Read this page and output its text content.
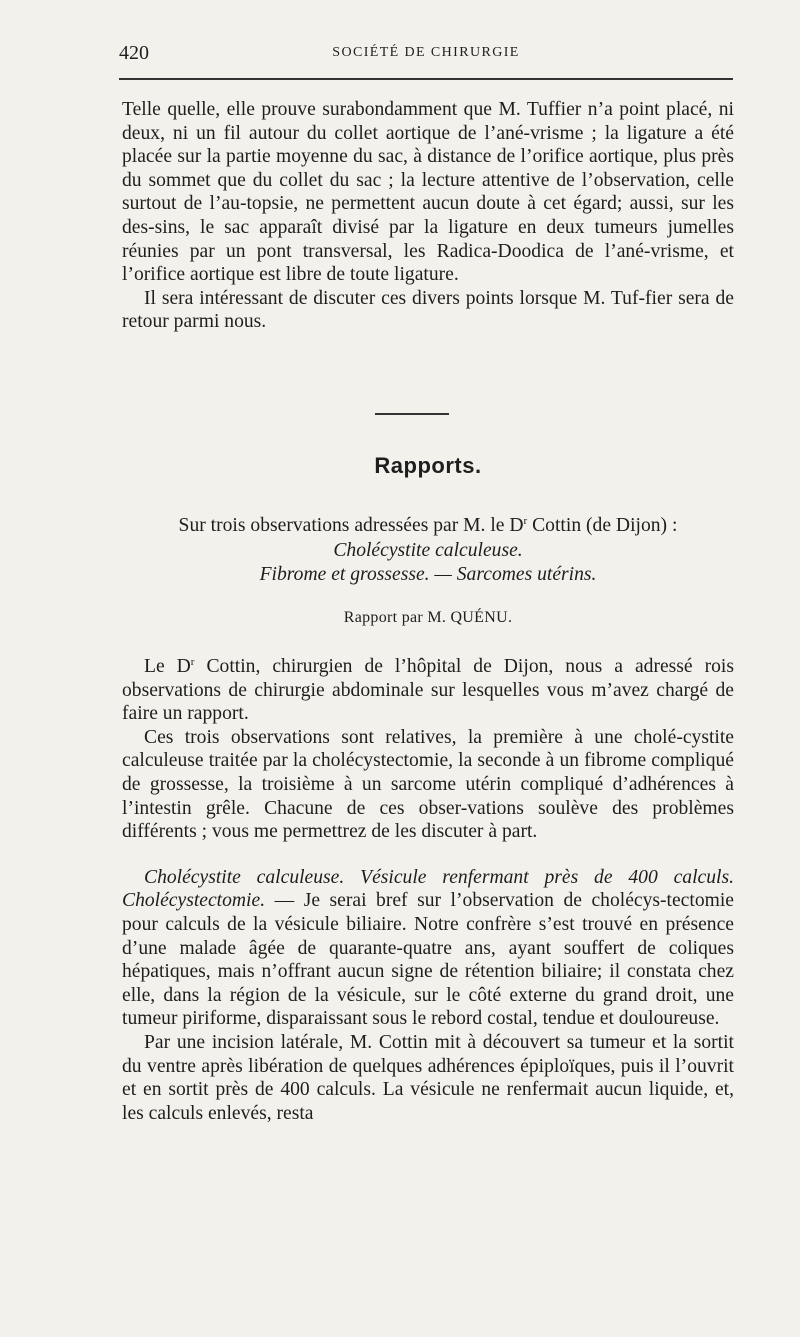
420	SOCIÉTÉ DE CHIRURGIE

Telle quelle, elle prouve surabondamment que M. Tuffier n’a point placé, ni deux, ni un fil autour du collet aortique de l’ané-vrisme ; la ligature a été placée sur la partie moyenne du sac, à distance de l’orifice aortique, plus près du sommet que du collet du sac ; la lecture attentive de l’observation, celle surtout de l’au-topsie, ne permettent aucun doute à cet égard; aussi, sur les des-sins, le sac apparaît divisé par la ligature en deux tumeurs jumelles réunies par un pont transversal, les Radica-Doodica de l’ané-vrisme, et l’orifice aortique est libre de toute ligature.

Il sera intéressant de discuter ces divers points lorsque M. Tuf-fier sera de retour parmi nous.

Rapports.
Sur trois observations adressées par M. le $D^r$ Cottin (de Dijon) :
Cholécystite calculeuse.
Fibrome et grossesse. — Sarcomes utérins.
Rapport par M. QUÉNU.

Le $D^r$ Cottin, chirurgien de l’hôpital de Dijon, nous a adressé rois observations de chirurgie abdominale sur lesquelles vous m’avez chargé de faire un rapport.

Ces trois observations sont relatives, la première à une cholé-cystite calculeuse traitée par la cholécystectomie, la seconde à un fibrome compliqué de grossesse, la troisième à un sarcome utérin compliqué d’adhérences à l’intestin grêle. Chacune de ces obser-vations soulève des problèmes différents ; vous me permettrez de les discuter à part.

Cholécystite calculeuse. Vésicule renfermant près de 400 calculs. Cholécystectomie. — Je serai bref sur l’observation de cholécys-tectomie pour calculs de la vésicule biliaire. Notre confrère s’est trouvé en présence d’une malade âgée de quarante-quatre ans, ayant souffert de coliques hépatiques, mais n’offrant aucun signe de rétention biliaire; il constata chez elle, dans la région de la vésicule, sur le côté externe du grand droit, une tumeur piriforme, disparaissant sous le rebord costal, tendue et douloureuse.

Par une incision latérale, M. Cottin mit à découvert sa tumeur et la sortit du ventre après libération de quelques adhérences épiploïques, puis il l’ouvrit et en sortit près de 400 calculs. La vésicule ne renfermait aucun liquide, et, les calculs enlevés, resta
